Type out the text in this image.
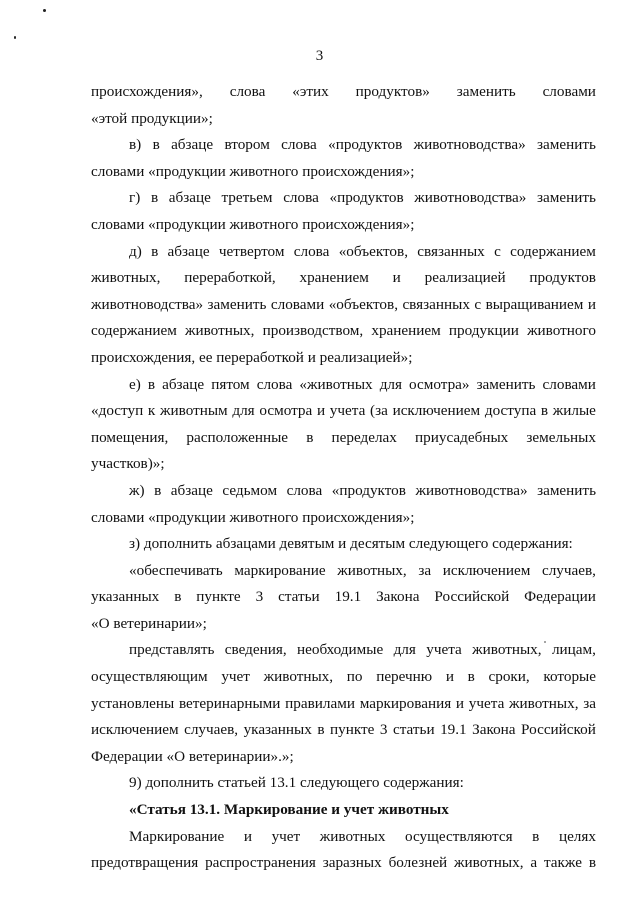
3
происхождения», слова «этих продуктов» заменить словами
«этой продукции»;
в) в абзаце втором слова «продуктов животноводства» заменить
словами «продукции животного происхождения»;
г) в абзаце третьем слова «продуктов животноводства» заменить
словами «продукции животного происхождения»;
д) в абзаце четвертом слова «объектов, связанных с содержанием
животных, переработкой, хранением и реализацией продуктов
животноводства» заменить словами «объектов, связанных с выращиванием и
содержанием животных, производством, хранением продукции животного
происхождения, ее переработкой и реализацией»;
е) в абзаце пятом слова «животных для осмотра» заменить словами
«доступ к животным для осмотра и учета (за исключением доступа в жилые
помещения, расположенные в переделах приусадебных земельных
участков)»;
ж) в абзаце седьмом слова «продуктов животноводства» заменить
словами «продукции животного происхождения»;
з) дополнить абзацами девятым и десятым следующего содержания:
«обеспечивать маркирование животных, за исключением случаев,
указанных в пункте 3 статьи 19.1 Закона Российской Федерации
«О ветеринарии»;
представлять сведения, необходимые для учета животных, лицам,
осуществляющим учет животных, по перечню и в сроки, которые
установлены ветеринарными правилами маркирования и учета животных, за
исключением случаев, указанных в пункте 3 статьи 19.1 Закона Российской
Федерации «О ветеринарии».»;
9) дополнить статьей 13.1 следующего содержания:
«Статья 13.1. Маркирование и учет животных
Маркирование и учет животных осуществляются в целях
предотвращения распространения заразных болезней животных, а также в
